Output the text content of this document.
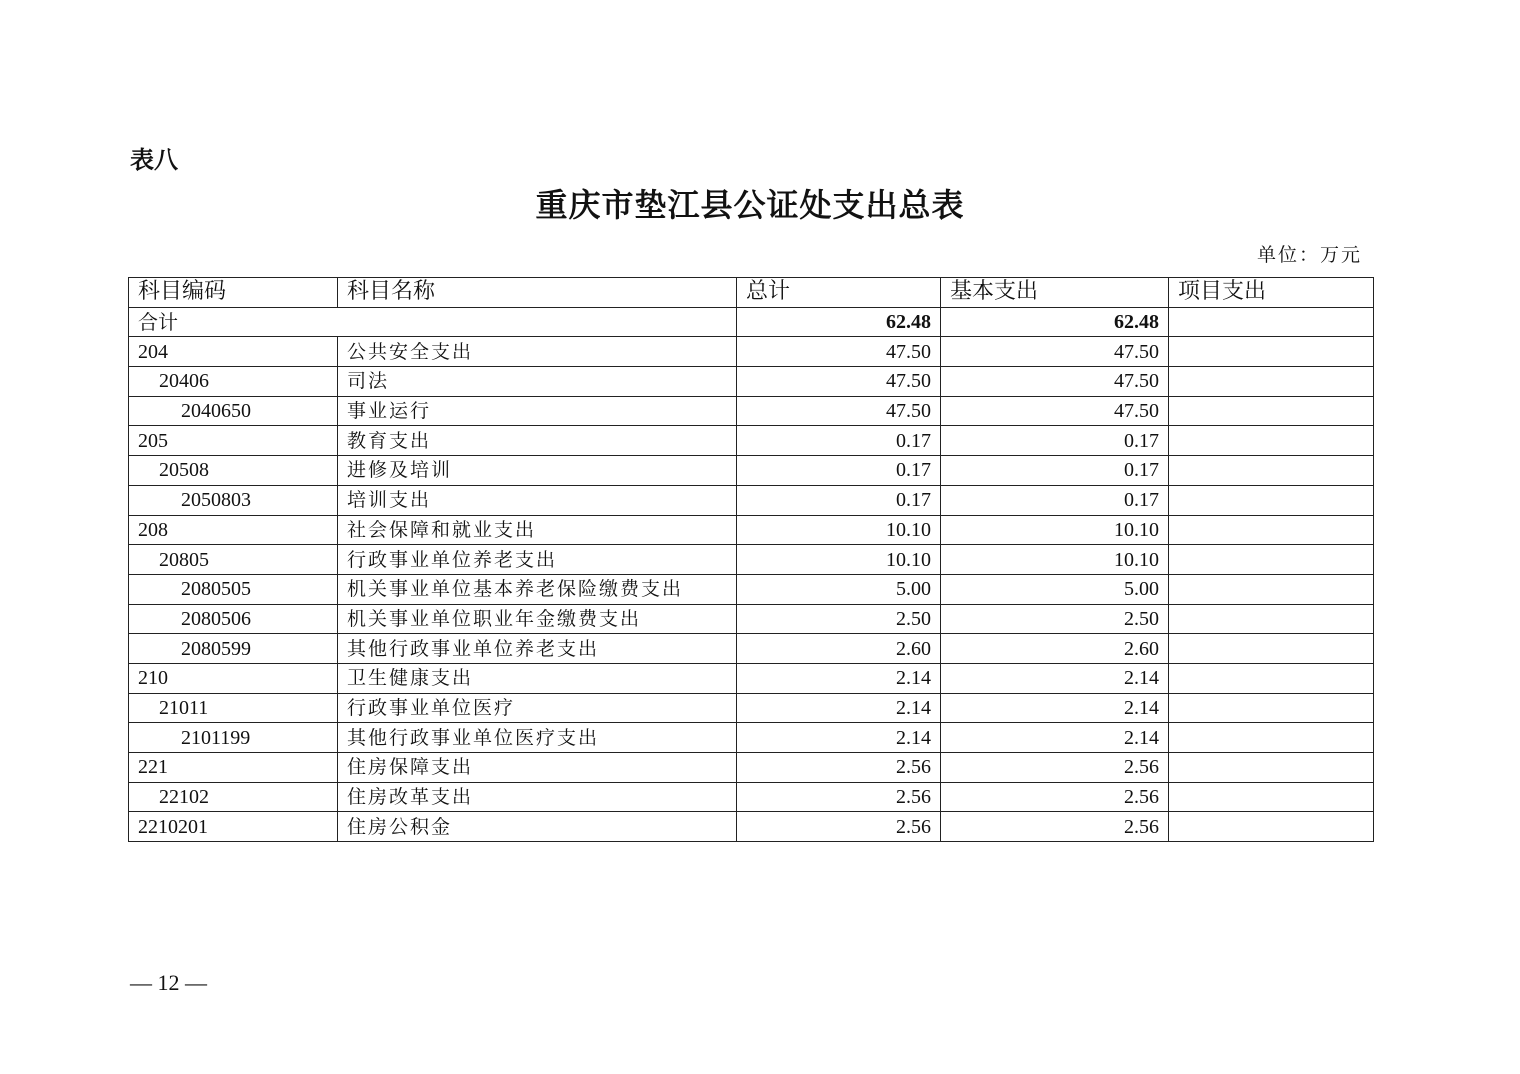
表八
重庆市垫江县公证处支出总表
单位：万元
科目编码	科目名称	总计	基本支出	项目支出
合计		62.48	62.48	
204	公共安全支出	47.50	47.50	
20406	司法	47.50	47.50	
2040650	事业运行	47.50	47.50	
205	教育支出	0.17	0.17	
20508	进修及培训	0.17	0.17	
2050803	培训支出	0.17	0.17	
208	社会保障和就业支出	10.10	10.10	
20805	行政事业单位养老支出	10.10	10.10	
2080505	机关事业单位基本养老保险缴费支出	5.00	5.00	
2080506	机关事业单位职业年金缴费支出	2.50	2.50	
2080599	其他行政事业单位养老支出	2.60	2.60	
210	卫生健康支出	2.14	2.14	
21011	行政事业单位医疗	2.14	2.14	
2101199	其他行政事业单位医疗支出	2.14	2.14	
221	住房保障支出	2.56	2.56	
22102	住房改革支出	2.56	2.56	
2210201	住房公积金	2.56	2.56	
— 12 —
